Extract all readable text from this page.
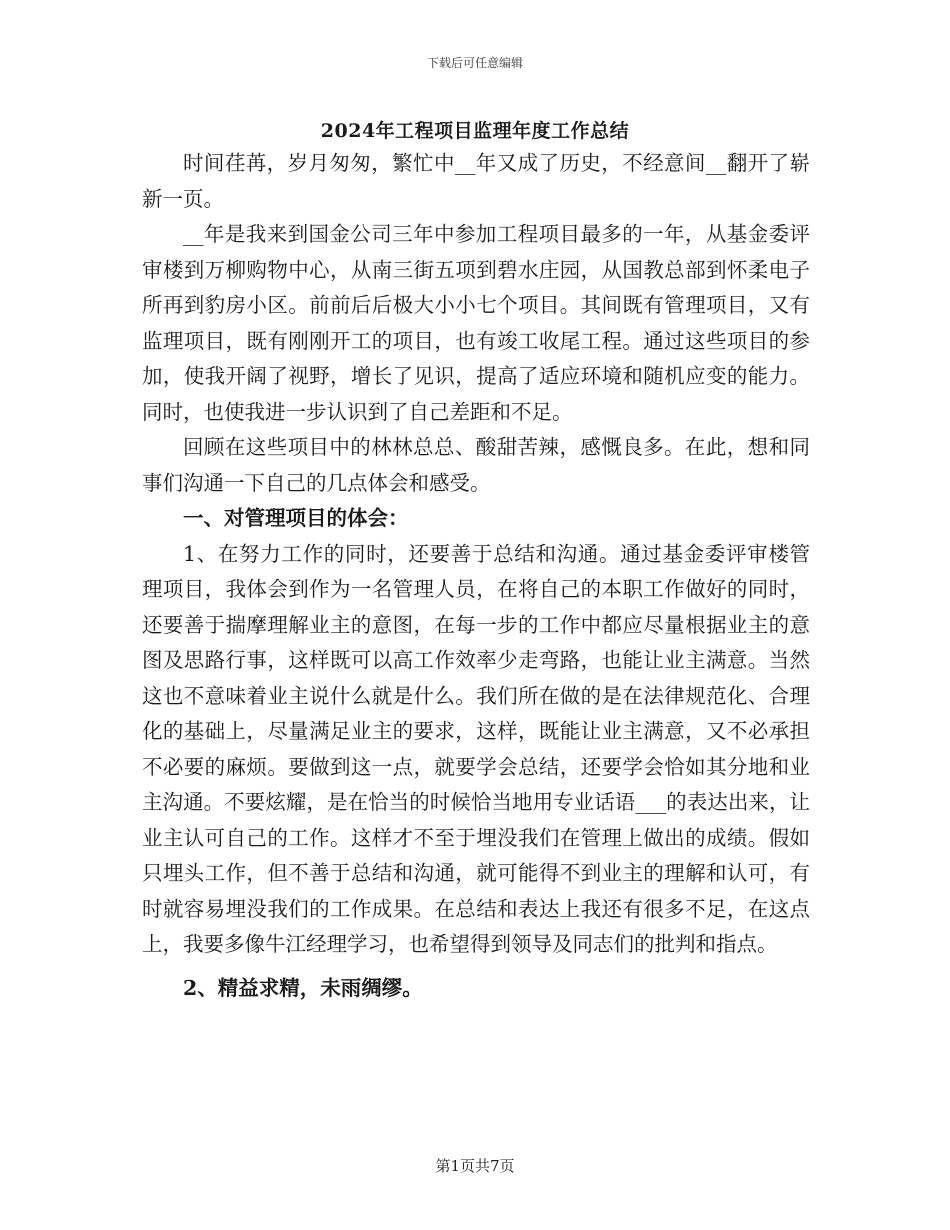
下载后可任意编辑
2024年工程项目监理年度工作总结

时间荏苒，岁月匆匆，繁忙中__年又成了历史，不经意间__翻开了崭新一页。

__年是我来到国金公司三年中参加工程项目最多的一年，从基金委评审楼到万柳购物中心，从南三街五项到碧水庄园，从国教总部到怀柔电子所再到豹房小区。前前后后极大小小七个项目。其间既有管理项目，又有监理项目，既有刚刚开工的项目，也有竣工收尾工程。通过这些项目的参加，使我开阔了视野，增长了见识，提高了适应环境和随机应变的能力。同时，也使我进一步认识到了自己差距和不足。

回顾在这些项目中的林林总总、酸甜苦辣，感慨良多。在此，想和同事们沟通一下自己的几点体会和感受。

一、对管理项目的体会：

1、在努力工作的同时，还要善于总结和沟通。通过基金委评审楼管理项目，我体会到作为一名管理人员，在将自己的本职工作做好的同时，还要善于揣摩理解业主的意图，在每一步的工作中都应尽量根据业主的意图及思路行事，这样既可以高工作效率少走弯路，也能让业主满意。当然这也不意味着业主说什么就是什么。我们所在做的是在法律规范化、合理化的基础上，尽量满足业主的要求，这样，既能让业主满意，又不必承担不必要的麻烦。要做到这一点，就要学会总结，还要学会恰如其分地和业主沟通。不要炫耀，是在恰当的时候恰当地用专业话语___的表达出来，让业主认可自己的工作。这样才不至于埋没我们在管理上做出的成绩。假如只埋头工作，但不善于总结和沟通，就可能得不到业主的理解和认可，有时就容易埋没我们的工作成果。在总结和表达上我还有很多不足，在这点上，我要多像牛江经理学习，也希望得到领导及同志们的批判和指点。

2、精益求精，未雨绸缪。

第1页共7页
